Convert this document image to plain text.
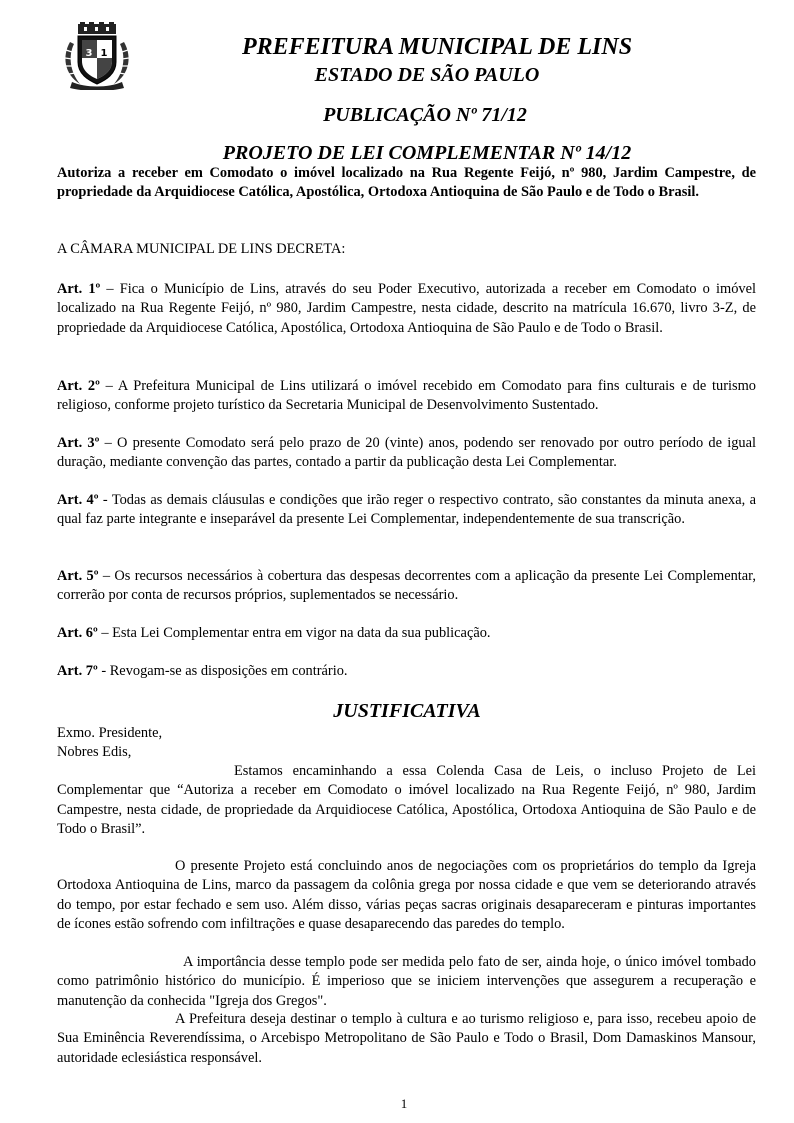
3 1	PREFEITURA MUNICIPAL DE LINS
ESTADO DE SÃO PAULO
PUBLICAÇÃO Nº 71/12
PROJETO DE LEI COMPLEMENTAR Nº 14/12
Autoriza a receber em Comodato o imóvel localizado na Rua Regente Feijó, nº 980, Jardim Campestre, de propriedade da Arquidiocese Católica, Apostólica, Ortodoxa Antioquina de São Paulo e de Todo o Brasil.
A CÂMARA MUNICIPAL DE LINS DECRETA:
Art. 1º – Fica o Município de Lins, através do seu Poder Executivo, autorizada a receber em Comodato o imóvel localizado na Rua Regente Feijó, nº 980, Jardim Campestre, nesta cidade, descrito na matrícula 16.670, livro 3-Z, de propriedade da Arquidiocese Católica, Apostólica, Ortodoxa Antioquina de São Paulo e de Todo o Brasil.
Art. 2º – A Prefeitura Municipal de Lins utilizará o imóvel recebido em Comodato para fins culturais e de turismo religioso, conforme projeto turístico da Secretaria Municipal de Desenvolvimento Sustentado.
Art. 3º – O presente Comodato será pelo prazo de 20 (vinte) anos, podendo ser renovado por outro período de igual duração, mediante convenção das partes, contado a partir da publicação desta Lei Complementar.
Art. 4º - Todas as demais cláusulas e condições que irão reger o respectivo contrato, são constantes da minuta anexa, a qual faz parte integrante e inseparável da presente Lei Complementar, independentemente de sua transcrição.
Art. 5º – Os recursos necessários à cobertura das despesas decorrentes com a aplicação da presente Lei Complementar, correrão por conta de recursos próprios, suplementados se necessário.
Art. 6º – Esta Lei Complementar entra em vigor na data da sua publicação.
Art. 7º - Revogam-se as disposições em contrário.
JUSTIFICATIVA
Exmo. Presidente,
Nobres Edis,
Estamos encaminhando a essa Colenda Casa de Leis, o incluso Projeto de Lei Complementar que “Autoriza a receber em Comodato o imóvel localizado na Rua Regente Feijó, nº 980, Jardim Campestre, nesta cidade, de propriedade da Arquidiocese Católica, Apostólica, Ortodoxa Antioquina de São Paulo e de Todo o Brasil”.
O presente Projeto está concluindo anos de negociações com os proprietários do templo da Igreja Ortodoxa Antioquina de Lins, marco da passagem da colônia grega por nossa cidade e que vem se deteriorando através do tempo, por estar fechado e sem uso. Além disso, várias peças sacras originais desapareceram e pinturas importantes de ícones estão sofrendo com infiltrações e quase desaparecendo das paredes do templo.
A importância desse templo pode ser medida pelo fato de ser, ainda hoje, o único imóvel tombado como patrimônio histórico do município. É imperioso que se iniciem intervenções que assegurem a recuperação e manutenção da conhecida "Igreja dos Gregos".
A Prefeitura deseja destinar o templo à cultura e ao turismo religioso e, para isso, recebeu apoio de Sua Eminência Reverendíssima, o Arcebispo Metropolitano de São Paulo e Todo o Brasil, Dom Damaskinos Mansour, autoridade eclesiástica responsável.
1
